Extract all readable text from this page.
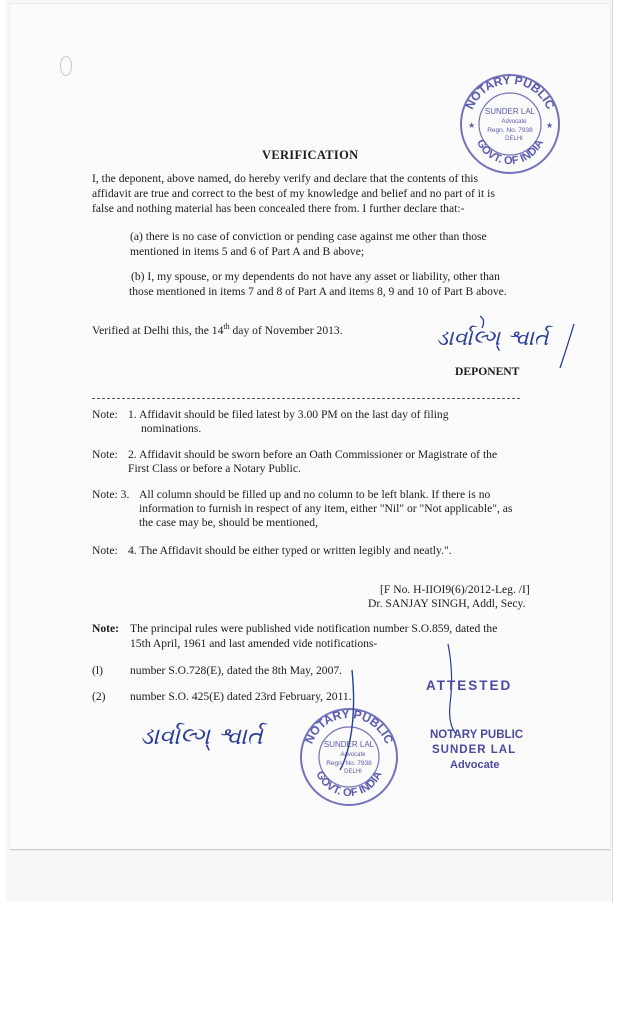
VERIFICATION
I, the deponent, above named, do hereby verify and declare that the contents of this
affidavit are true and correct to the best of my knowledge and belief and no part of it is
false and nothing material has been concealed there from. I further declare that:-
(a) there is no case of conviction or pending case against me other than those
mentioned in items 5 and 6 of Part A and B above;
(b) I, my spouse, or my dependents do not have any asset or liability, other than
those mentioned in items 7 and 8 of Part A and items 8, 9 and 10 of Part B above.
Verified at Delhi this, the 14th day of November 2013.	ડાર્વાલ્ગ્ શ્વાર્ત
DEPONENT
Note: 1. Affidavit should be filed latest by 3.00 PM on the last day of filing
nominations.
Note: 2. Affidavit should be sworn before an Oath Commissioner or Magistrate of the
First Class or before a Notary Public.
Note: 3. All column should be filled up and no column to be left blank. If there is no
information to furnish in respect of any item, either "Nil" or "Not applicable", as
the case may be, should be mentioned,
Note: 4. The Affidavit should be either typed or written legibly and neatly.".
[F No. H-IIOI9(6)/2012-Leg. /I]
Dr. SANJAY SINGH, Addl, Secy.
Note: The principal rules were published vide notification number S.O.859, dated the
15th April, 1961 and last amended vide notifications-
(l) number S.O.728(E), dated the 8th May, 2007.
(2) number S.O. 425(E) dated 23rd February, 2011.
ડાર્વાલ્ગ્ શ્વાર્ત
NOTARY PUBLIC
GOVT. OF INDIA
SUNDER LAL
Advocate
Regn. No. 7938
DELHI
★	★
NOTARY PUBLIC
GOVT. OF INDIA
SUNDER LAL
Advocate
Regn. No. 7938
DELHI
ATTESTED
NOTARY PUBLIC
SUNDER LAL
Advocate
